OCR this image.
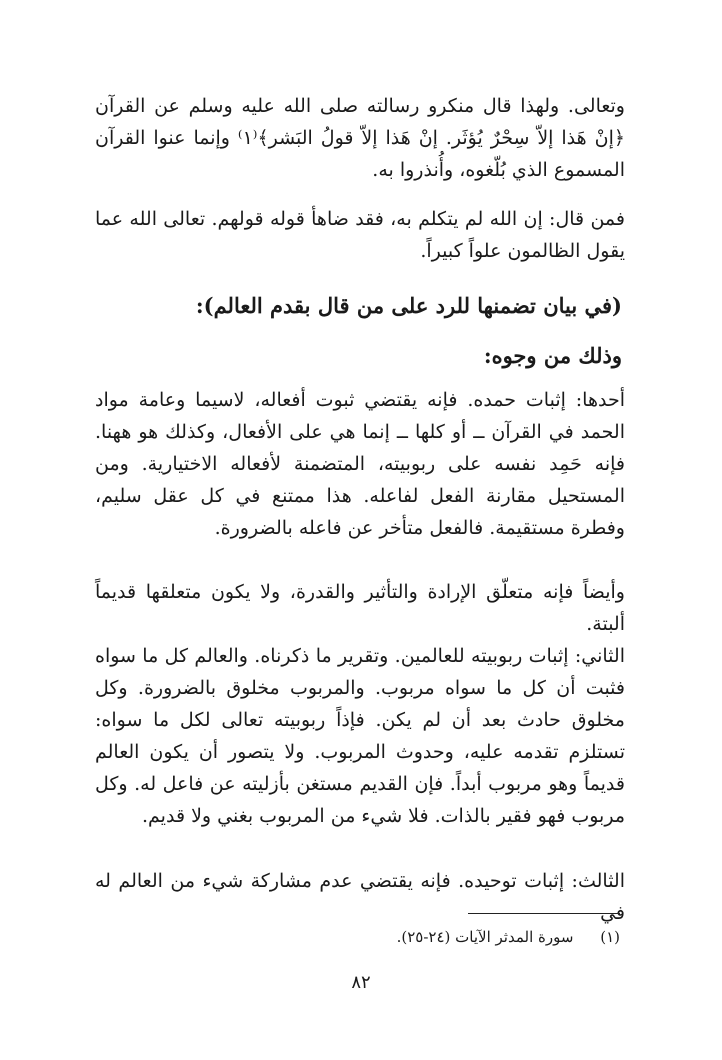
وتعالى. ولهذا قال منكرو رسالته صلى الله عليه وسلم عن القرآن ﴿إنْ هَذا إلاّ سِحْرٌ يُؤثَر. إنْ هَذا إلاّ قولُ البَشر﴾⁽١⁾ وإنما عنوا القرآن المسموع الذي بُلّغوه، وأُنذروا به.

فمن قال: إن الله لم يتكلم به، فقد ضاهأ قوله قولهم. تعالى الله عما يقول الظالمون علواً كبيراً.

(في بيان تضمنها للرد على من قال بقدم العالم):
وذلك من وجوه:

أحدها: إثبات حمده. فإنه يقتضي ثبوت أفعاله، لاسيما وعامة مواد الحمد في القرآن ــ أو كلها ــ إنما هي على الأفعال، وكذلك هو ههنا. فإنه حَمِد نفسه على ربوبيته، المتضمنة لأفعاله الاختيارية. ومن المستحيل مقارنة الفعل لفاعله. هذا ممتنع في كل عقل سليم، وفطرة مستقيمة. فالفعل متأخر عن فاعله بالضرورة.

وأيضاً فإنه متعلّق الإرادة والتأثير والقدرة، ولا يكون متعلقها قديماً ألبتة.

الثاني: إثبات ربوبيته للعالمين. وتقرير ما ذكرناه. والعالم كل ما سواه فثبت أن كل ما سواه مربوب. والمربوب مخلوق بالضرورة. وكل مخلوق حادث بعد أن لم يكن. فإذاً ربوبيته تعالى لكل ما سواه: تستلزم تقدمه عليه، وحدوث المربوب. ولا يتصور أن يكون العالم قديماً وهو مربوب أبداً. فإن القديم مستغن بأزليته عن فاعل له. وكل مربوب فهو فقير بالذات. فلا شيء من المربوب بغني ولا قديم.

الثالث: إثبات توحيده. فإنه يقتضي عدم مشاركة شيء من العالم له في

(١) سورة المدثر الآيات (٢٤-٢٥).
٨٢
